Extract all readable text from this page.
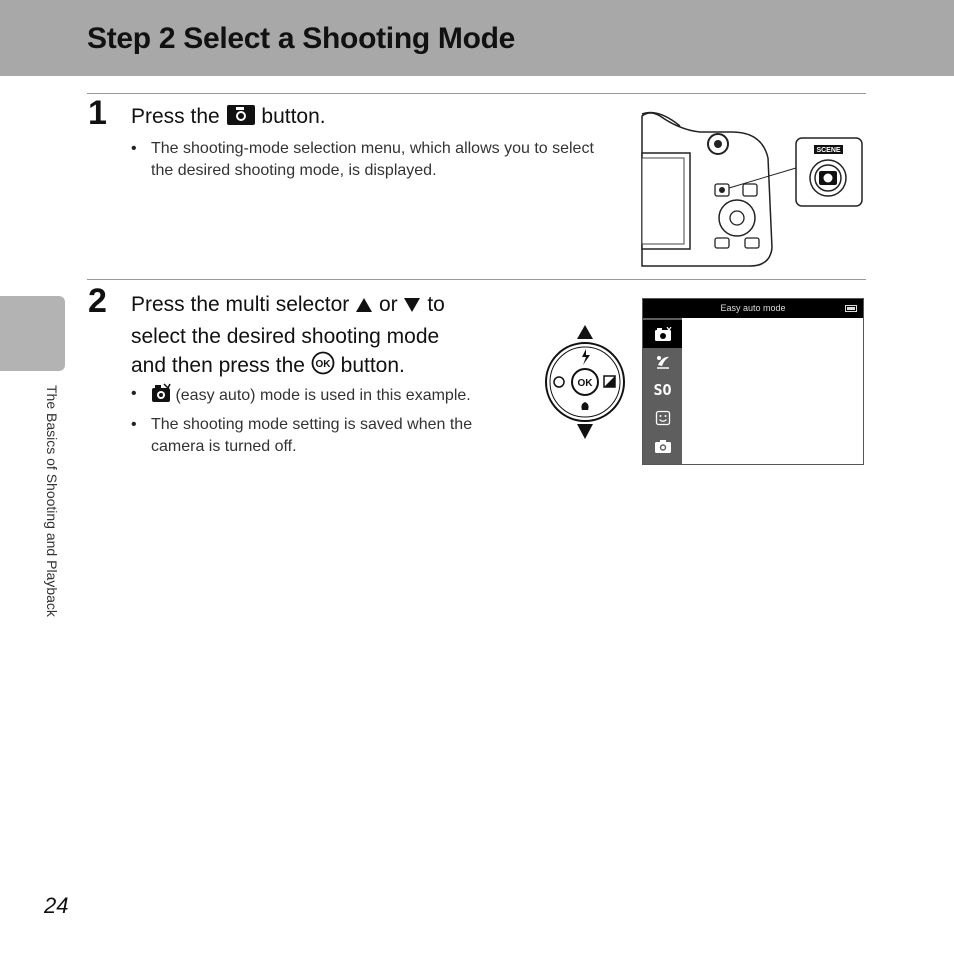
Step 2 Select a Shooting Mode
The Basics of Shooting and Playback
1 Press the button.
• The shooting-mode selection menu, which allows you to select the desired shooting mode, is displayed.
SCENE
2 Press the multi selector or to
select the desired shooting mode
and then press the OK button.
• (easy auto) mode is used in this example.
• The shooting mode setting is saved when the camera is turned off.
OK
Easy auto mode
SO
24
